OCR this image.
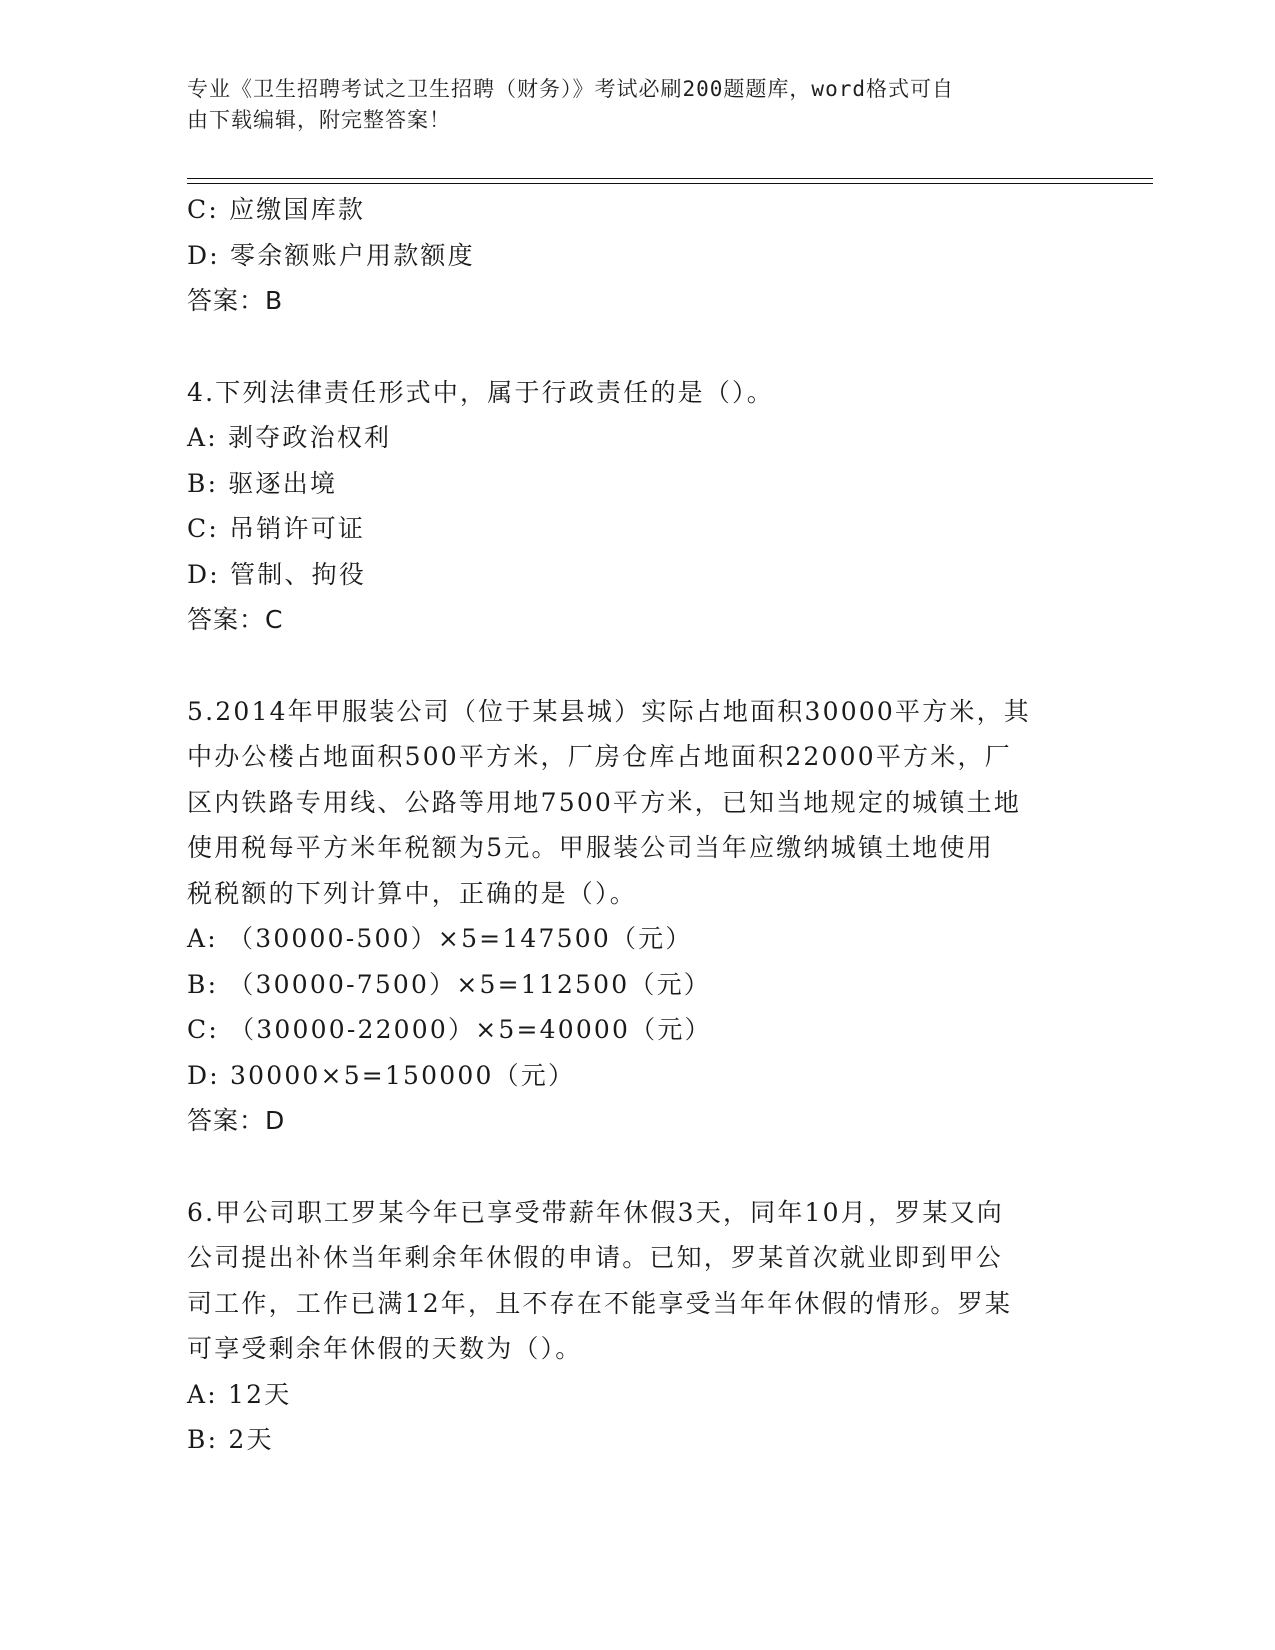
专业《卫生招聘考试之卫生招聘（财务）》考试必刷200题题库，word格式可自
由下载编辑，附完整答案！
C: 应缴国库款
D: 零余额账户用款额度
答案：B
4.下列法律责任形式中，属于行政责任的是（）。
A: 剥夺政治权利
B: 驱逐出境
C: 吊销许可证
D: 管制、拘役
答案：C
5.2014年甲服装公司（位于某县城）实际占地面积30000平方米，其
中办公楼占地面积500平方米，厂房仓库占地面积22000平方米，厂
区内铁路专用线、公路等用地7500平方米，已知当地规定的城镇土地
使用税每平方米年税额为5元。甲服装公司当年应缴纳城镇土地使用
税税额的下列计算中，正确的是（）。
A: （30000-500）×5=147500（元）
B: （30000-7500）×5=112500（元）
C: （30000-22000）×5=40000（元）
D: 30000×5=150000（元）
答案：D
6.甲公司职工罗某今年已享受带薪年休假3天，同年10月，罗某又向
公司提出补休当年剩余年休假的申请。已知，罗某首次就业即到甲公
司工作，工作已满12年，且不存在不能享受当年年休假的情形。罗某
可享受剩余年休假的天数为（）。
A: 12天
B: 2天
